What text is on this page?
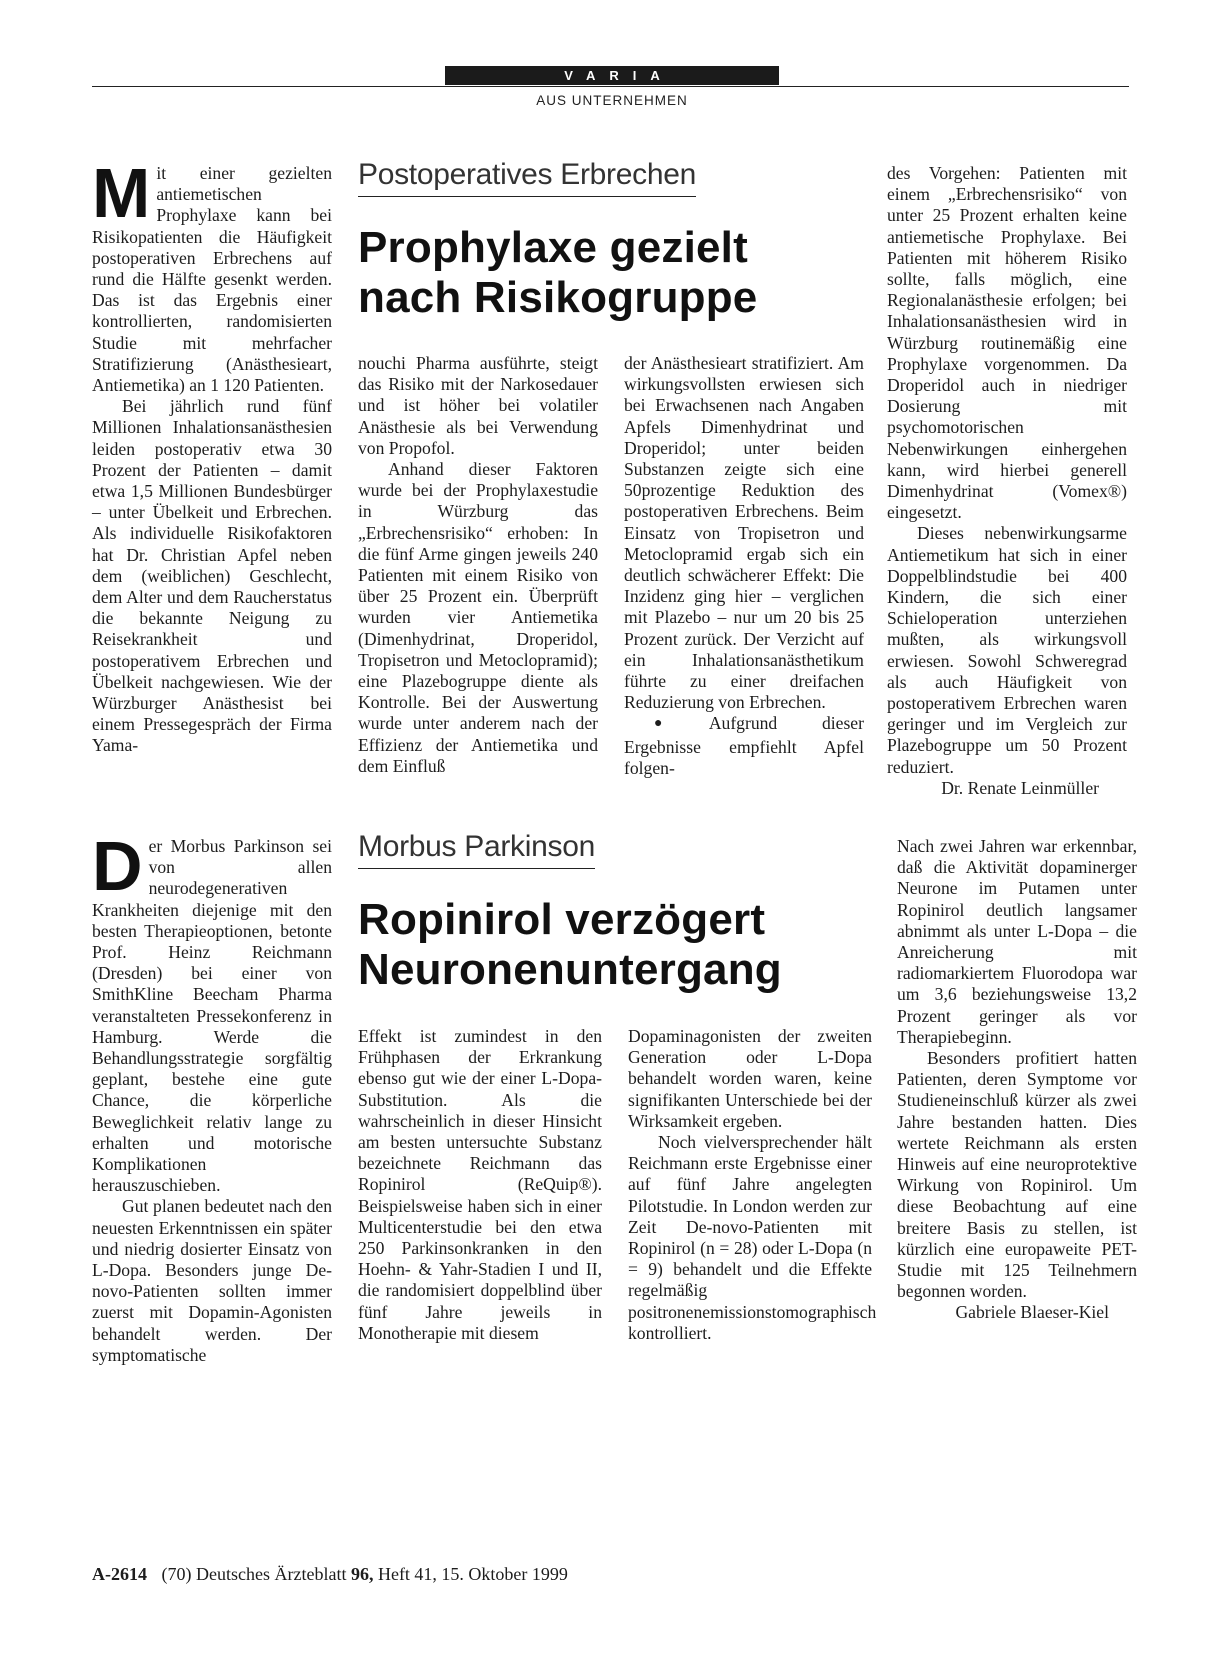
VARIA
AUS UNTERNEHMEN
M it einer gezielten antiemetischen Prophylaxe kann bei Risikopatienten die Häufigkeit postoperativen Erbrechens auf rund die Hälfte gesenkt werden. Das ist das Ergebnis einer kontrollierten, randomisierten Studie mit mehrfacher Stratifizierung (Anästhesieart, Antiemetika) an 1 120 Patienten.

Bei jährlich rund fünf Millionen Inhalationsanästhesien leiden postoperativ etwa 30 Prozent der Patienten – damit etwa 1,5 Millionen Bundesbürger – unter Übelkeit und Erbrechen. Als individuelle Risikofaktoren hat Dr. Christian Apfel neben dem (weiblichen) Geschlecht, dem Alter und dem Raucherstatus die bekannte Neigung zu Reisekrankheit und postoperativem Erbrechen und Übelkeit nachgewiesen. Wie der Würzburger Anästhesist bei einem Pressegespräch der Firma Yama-

Postoperatives Erbrechen
Prophylaxe gezielt
nach Risikogruppe

nouchi Pharma ausführte, steigt das Risiko mit der Narkosedauer und ist höher bei volatiler Anästhesie als bei Verwendung von Propofol.

Anhand dieser Faktoren wurde bei der Prophylaxestudie in Würzburg das „Erbrechensrisiko“ erhoben: In die fünf Arme gingen jeweils 240 Patienten mit einem Risiko von über 25 Prozent ein. Überprüft wurden vier Antiemetika (Dimenhydrinat, Droperidol, Tropisetron und Metoclopramid); eine Plazebogruppe diente als Kontrolle. Bei der Auswertung wurde unter anderem nach der Effizienz der Antiemetika und dem Einfluß

der Anästhesieart stratifiziert. Am wirkungsvollsten erwiesen sich bei Erwachsenen nach Angaben Apfels Dimenhydrinat und Droperidol; unter beiden Substanzen zeigte sich eine 50prozentige Reduktion des postoperativen Erbrechens. Beim Einsatz von Tropisetron und Metoclopramid ergab sich ein deutlich schwächerer Effekt: Die Inzidenz ging hier – verglichen mit Plazebo – nur um 20 bis 25 Prozent zurück. Der Verzicht auf ein Inhalationsanästhetikum führte zu einer dreifachen Reduzierung von Erbrechen.

● Aufgrund dieser Ergebnisse empfiehlt Apfel folgen-

des Vorgehen: Patienten mit einem „Erbrechensrisiko“ von unter 25 Prozent erhalten keine antiemetische Prophylaxe. Bei Patienten mit höherem Risiko sollte, falls möglich, eine Regionalanästhesie erfolgen; bei Inhalationsanästhesien wird in Würzburg routinemäßig eine Prophylaxe vorgenommen. Da Droperidol auch in niedriger Dosierung mit psychomotorischen Nebenwirkungen einhergehen kann, wird hierbei generell Dimenhydrinat (Vomex®) eingesetzt.

Dieses nebenwirkungsarme Antiemetikum hat sich in einer Doppelblindstudie bei 400 Kindern, die sich einer Schieloperation unterziehen mußten, als wirkungsvoll erwiesen. Sowohl Schweregrad als auch Häufigkeit von postoperativem Erbrechen waren geringer und im Vergleich zur Plazebogruppe um 50 Prozent reduziert.

Dr. Renate Leinmüller

D er Morbus Parkinson sei von allen neurodegenerativen Krankheiten diejenige mit den besten Therapieoptionen, betonte Prof. Heinz Reichmann (Dresden) bei einer von SmithKline Beecham Pharma veranstalteten Pressekonferenz in Hamburg. Werde die Behandlungsstrategie sorgfältig geplant, bestehe eine gute Chance, die körperliche Beweglichkeit relativ lange zu erhalten und motorische Komplikationen herauszuschieben.

Gut planen bedeutet nach den neuesten Erkenntnissen ein später und niedrig dosierter Einsatz von L-Dopa. Besonders junge De-novo-Patienten sollten immer zuerst mit Dopamin-Agonisten behandelt werden. Der symptomatische

Morbus Parkinson
Ropinirol verzögert
Neuronenuntergang

Effekt ist zumindest in den Frühphasen der Erkrankung ebenso gut wie der einer L-Dopa-Substitution. Als die wahrscheinlich in dieser Hinsicht am besten untersuchte Substanz bezeichnete Reichmann das Ropinirol (ReQuip®). Beispielsweise haben sich in einer Multicenterstudie bei den etwa 250 Parkinsonkranken in den Hoehn- & Yahr-Stadien I und II, die randomisiert doppelblind über fünf Jahre jeweils in Monotherapie mit diesem

Dopaminagonisten der zweiten Generation oder L-Dopa behandelt worden waren, keine signifikanten Unterschiede bei der Wirksamkeit ergeben.

Noch vielversprechender hält Reichmann erste Ergebnisse einer auf fünf Jahre angelegten Pilotstudie. In London werden zur Zeit De-novo-Patienten mit Ropinirol (n = 28) oder L-Dopa (n = 9) behandelt und die Effekte regelmäßig positronenemissionstomographisch kontrolliert.

Nach zwei Jahren war erkennbar, daß die Aktivität dopaminerger Neurone im Putamen unter Ropinirol deutlich langsamer abnimmt als unter L-Dopa – die Anreicherung mit radiomarkiertem Fluorodopa war um 3,6 beziehungsweise 13,2 Prozent geringer als vor Therapiebeginn.

Besonders profitiert hatten Patienten, deren Symptome vor Studieneinschluß kürzer als zwei Jahre bestanden hatten. Dies wertete Reichmann als ersten Hinweis auf eine neuroprotektive Wirkung von Ropinirol. Um diese Beobachtung auf eine breitere Basis zu stellen, ist kürzlich eine europaweite PET-Studie mit 125 Teilnehmern begonnen worden.

Gabriele Blaeser-Kiel

A-2614 (70) Deutsches Ärzteblatt 96, Heft 41, 15. Oktober 1999
